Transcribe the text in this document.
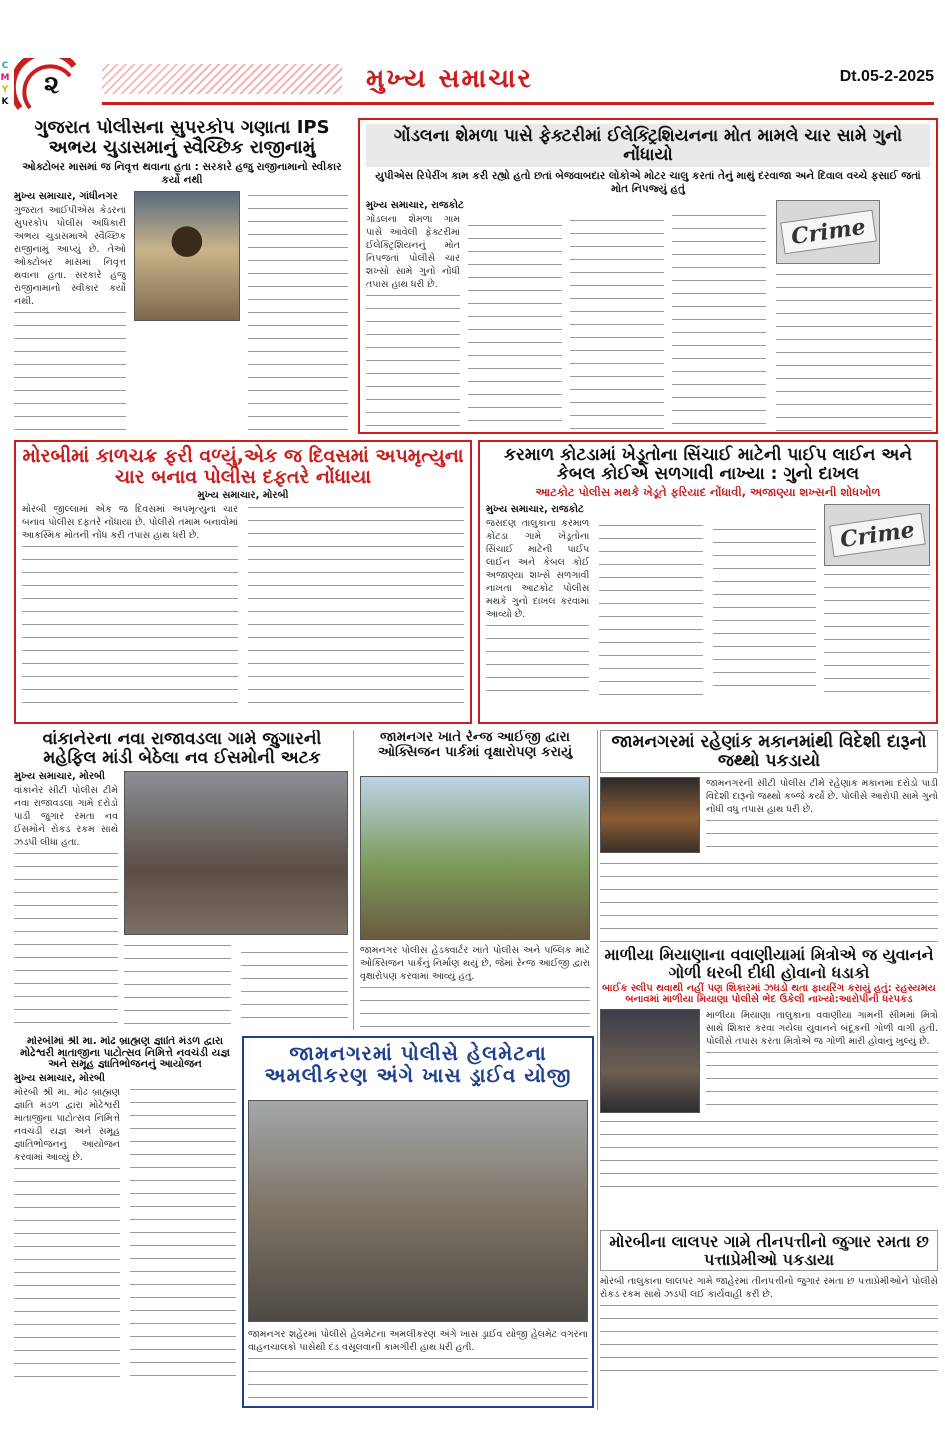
C
M
Y
K
૨	મુખ્ય સમાચાર	Dt.05-2-2025
ગુજરાત પોલીસના સુપરકોપ ગણાતા IPS અભય ચુડાસમાનું સ્વૈચ્છિક રાજીનામું
ઓક્ટોબર માસમાં જ નિવૃત્ત થવાના હતા : સરકારે હજુ રાજીનામાનો સ્વીકાર કર્યો નથી
●
મુખ્ય સમાચાર, ગાંધીનગર
ગુજરાત આઈપીએસ કેડરના સુપરકોપ પોલીસ અધિકારી અભય ચુડાસમાએ સ્વૈચ્છિક રાજીનામું આપ્યું છે. તેઓ ઓક્ટોબર માસમાં નિવૃત્ત થવાના હતા. સરકારે હજુ રાજીનામાનો સ્વીકાર કર્યો નથી.
ગોંડલના શેમળા પાસે ફેક્ટરીમાં ઈલેક્ટ્રિશિયનના મોત મામલે ચાર સામે ગુનો નોંધાયો
યુપીએસ રિપેરીંગ કામ કરી રહ્યો હતો છતાં બેજવાબદાર લોકોએ મોટર ચાલુ કરતાં તેનું માથું દરવાજા અને દિવાલ વચ્ચે ફસાઈ જતાં મોત નિપજ્યું હતું
મુખ્ય સમાચાર, રાજકોટ
ગોંડલના શેમળા ગામ પાસે આવેલી ફેક્ટરીમાં ઈલેક્ટ્રિશિયનનું મોત નિપજતાં પોલીસે ચાર શખ્સો સામે ગુનો નોંધી તપાસ હાથ ધરી છે.
Crime
મોરબીમાં કાળચક્ર ફરી વળ્યું,એક જ દિવસમાં અપમૃત્યુના ચાર બનાવ પોલીસ દફતરે નોંધાયા
મુખ્ય સમાચાર, મોરબી
મોરબી જીલ્લામાં એક જ દિવસમાં અપમૃત્યુના ચાર બનાવ પોલીસ દફતરે નોંધાયા છે. પોલીસે તમામ બનાવોમાં આકસ્મિક મોતની નોંધ કરી તપાસ હાથ ધરી છે.
કરમાળ કોટડામાં ખેડૂતોના સિંચાઈ માટેની પાઈપ લાઈન અને કેબલ કોઈએ સળગાવી નાખ્યા : ગુનો દાખલ
આટકોટ પોલીસ મથકે ખેડૂતે ફરિયાદ નોંધાવી, અજાણ્યા શખ્સની શોધખોળ
મુખ્ય સમાચાર, રાજકોટ
જસદણ તાલુકાના કરમાળ કોટડા ગામે ખેડૂતોના સિંચાઈ માટેની પાઈપ લાઈન અને કેબલ કોઈ અજાણ્યા શખ્સે સળગાવી નાખતા આટકોટ પોલીસ મથકે ગુનો દાખલ કરવામાં આવ્યો છે.
Crime
વાંકાનેરના નવા રાજાવડલા ગામે જુગારની મહેફિલ માંડી બેઠેલા નવ ઈસમોની અટક
મુખ્ય સમાચાર, મોરબી
વાંકાનેર સીટી પોલીસ ટીમે નવા રાજાવડલા ગામે દરોડો પાડી જુગાર રમતા નવ ઈસમોને રોકડ રકમ સાથે ઝડપી લીધા હતા.
જામનગર ખાતે રેન્જ આઈજી દ્વારા ઓક્સિજન પાર્કમાં વૃક્ષારોપણ કરાયું
જામનગર પોલીસ હેડક્વાર્ટર ખાતે પોલીસ અને પબ્લિક માટે ઓક્સિજન પાર્કનું નિર્માણ થયું છે, જેમાં રેન્જ આઈજી દ્વારા વૃક્ષારોપણ કરવામાં આવ્યું હતું.
જામનગરમાં રહેણાંક મકાનમાંથી વિદેશી દારૂનો જથ્થો પકડાયો
જામનગરની સીટી પોલીસ ટીમે રહેણાંક મકાનમાં દરોડો પાડી વિદેશી દારૂનો જથ્થો કબ્જે કર્યો છે. પોલીસે આરોપી સામે ગુનો નોંધી વધુ તપાસ હાથ ધરી છે.
માળીયા મિયાણાના વવાણીયામાં મિત્રોએ જ યુવાનને ગોળી ધરબી દીધી હોવાનો ધડાકો
બાઈક સ્લીપ થવાથી નહીં પણ શિકારમાં ઝઘડો થતા ફાયરિંગ કરાયું હતું: રહસ્યમય બનાવમાં માળીયા મિયાણા પોલીસે ભેદ ઉકેલી નાખ્યો:આરોપીની ધરપકડ
માળીયા મિયાણા તાલુકાના વવાણીયા ગામની સીમમાં મિત્રો સાથે શિકાર કરવા ગયેલા યુવાનને બંદૂકની ગોળી વાગી હતી. પોલીસે તપાસ કરતા મિત્રોએ જ ગોળી મારી હોવાનું ખુલ્યું છે.
મોરબીમાં શ્રી મા. મોઢ બ્રાહ્મણ જ્ઞાતિ મંડળ દ્વારા મોઢેશ્વરી માતાજીના પાટોત્સવ નિમિત્તે નવચંડી યજ્ઞ અને સમૂહ જ્ઞાતિભોજનનું આયોજન
મુખ્ય સમાચાર, મોરબી
મોરબી શ્રી મા. મોઢ બ્રાહ્મણ જ્ઞાતિ મંડળ દ્વારા મોઢેશ્વરી માતાજીના પાટોત્સવ નિમિત્તે નવચંડી યજ્ઞ અને સમૂહ જ્ઞાતિભોજનનું આયોજન કરવામાં આવ્યું છે.
જામનગરમાં પોલીસે હેલમેટના અમલીકરણ અંગે ખાસ ડ્રાઈવ યોજી
જામનગર શહેરમાં પોલીસે હેલમેટના અમલીકરણ અંગે ખાસ ડ્રાઈવ યોજી હેલમેટ વગરના વાહનચાલકો પાસેથી દંડ વસૂલવાની કામગીરી હાથ ધરી હતી.
મોરબીના લાલપર ગામે તીનપત્તીનો જુગાર રમતા છ પત્તાપ્રેમીઓ પકડાયા
મોરબી તાલુકાના લાલપર ગામે જાહેરમાં તીનપત્તીનો જુગાર રમતા છ પત્તાપ્રેમીઓને પોલીસે રોકડ રકમ સાથે ઝડપી લઈ કાર્યવાહી કરી છે.
